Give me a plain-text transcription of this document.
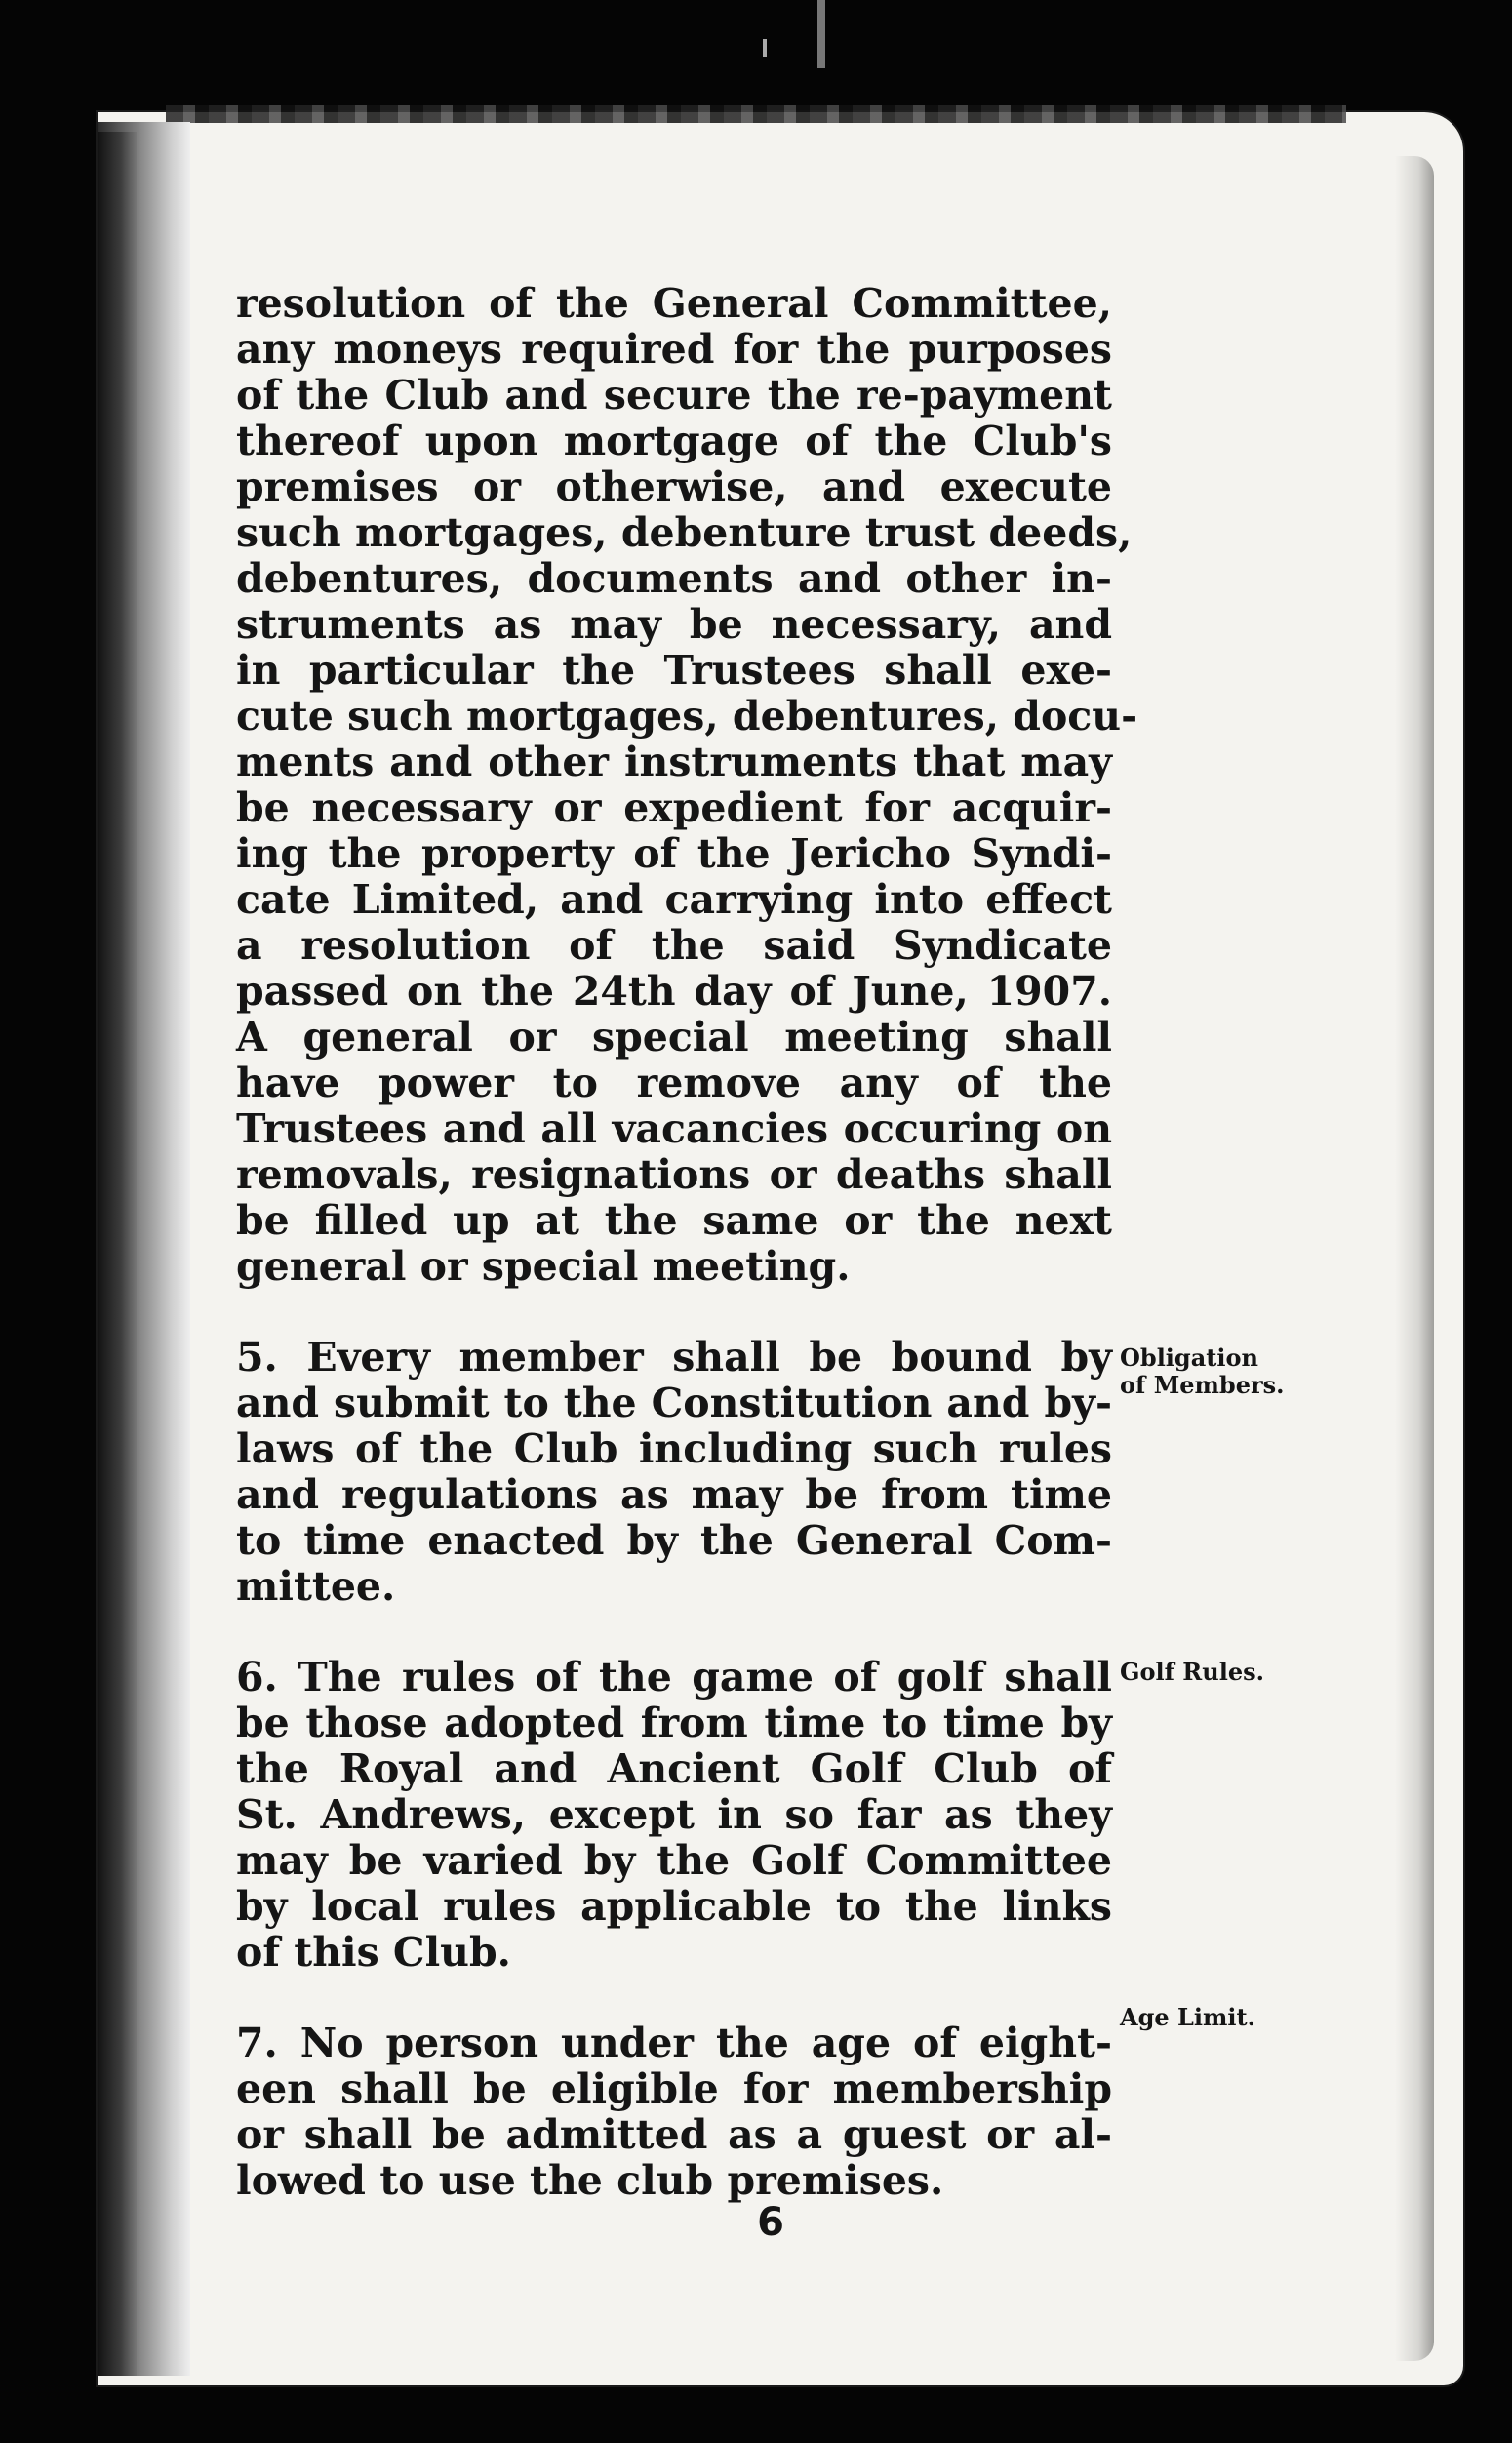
resolution of the General Committee,
any moneys required for the purposes
of the Club and secure the re-payment
thereof upon mortgage of the Club's
premises or otherwise, and execute
such mortgages, debenture trust deeds,
debentures, documents and other in-
struments as may be necessary, and
in particular the Trustees shall exe-
cute such mortgages, debentures, docu-
ments and other instruments that may
be necessary or expedient for acquir-
ing the property of the Jericho Syndi-
cate Limited, and carrying into effect
a resolution of the said Syndicate
passed on the 24th day of June, 1907.
A general or special meeting shall
have power to remove any of the
Trustees and all vacancies occuring on
removals, resignations or deaths shall
be filled up at the same or the next
general or special meeting.

5. Every member shall be bound by
and submit to the Constitution and by-
laws of the Club including such rules
and regulations as may be from time
to time enacted by the General Com-
mittee.

6. The rules of the game of golf shall
be those adopted from time to time by
the Royal and Ancient Golf Club of
St. Andrews, except in so far as they
may be varied by the Golf Committee
by local rules applicable to the links
of this Club.

7. No person under the age of eight-
een shall be eligible for membership
or shall be admitted as a guest or al-
lowed to use the club premises.

Obligation of Members.
Golf Rules.
Age Limit.
6
